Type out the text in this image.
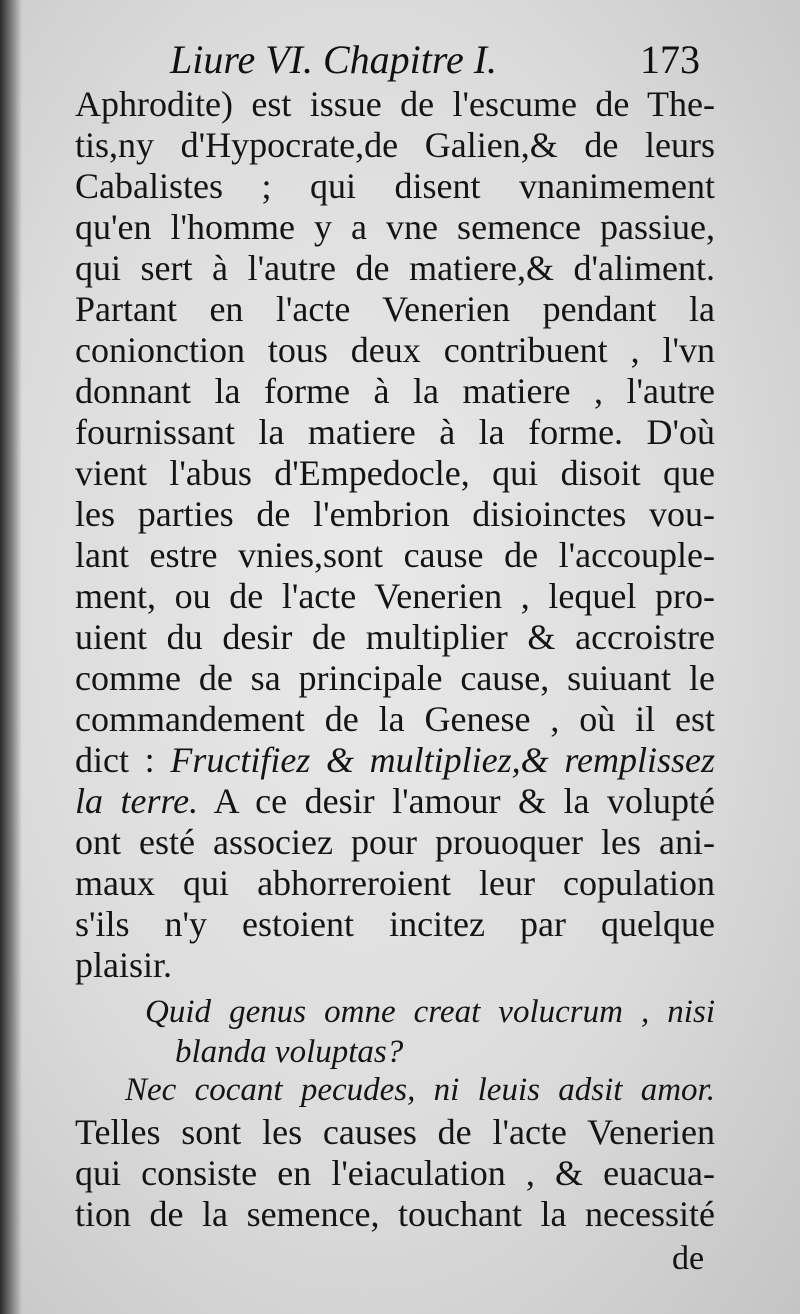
Liure VI. Chapitre I.	173
Aphrodite) est issue de l'escume de The-
tis,ny d'Hypocrate,de Galien,& de leurs
Cabalistes ; qui disent vnanimement
qu'en l'homme y a vne semence passiue,
qui sert à l'autre de matiere,& d'aliment.
Partant en l'acte Venerien pendant la
conionction tous deux contribuent , l'vn
donnant la forme à la matiere , l'autre
fournissant la matiere à la forme. D'où
vient l'abus d'Empedocle, qui disoit que
les parties de l'embrion disioinctes vou-
lant estre vnies,sont cause de l'accouple-
ment, ou de l'acte Venerien , lequel pro-
uient du desir de multiplier & accroistre
comme de sa principale cause, suiuant le
commandement de la Genese , où il est
dict : Fructifiez & multipliez,& remplissez
la terre. A ce desir l'amour & la volupté
ont esté associez pour prouoquer les ani-
maux qui abhorreroient leur copulation
s'ils n'y estoient incitez par quelque
plaisir.
Quid genus omne creat volucrum , nisi
blanda voluptas?
Nec cocant pecudes, ni leuis adsit amor.
Telles sont les causes de l'acte Venerien
qui consiste en l'eiaculation , & euacua-
tion de la semence, touchant la necessité
de
